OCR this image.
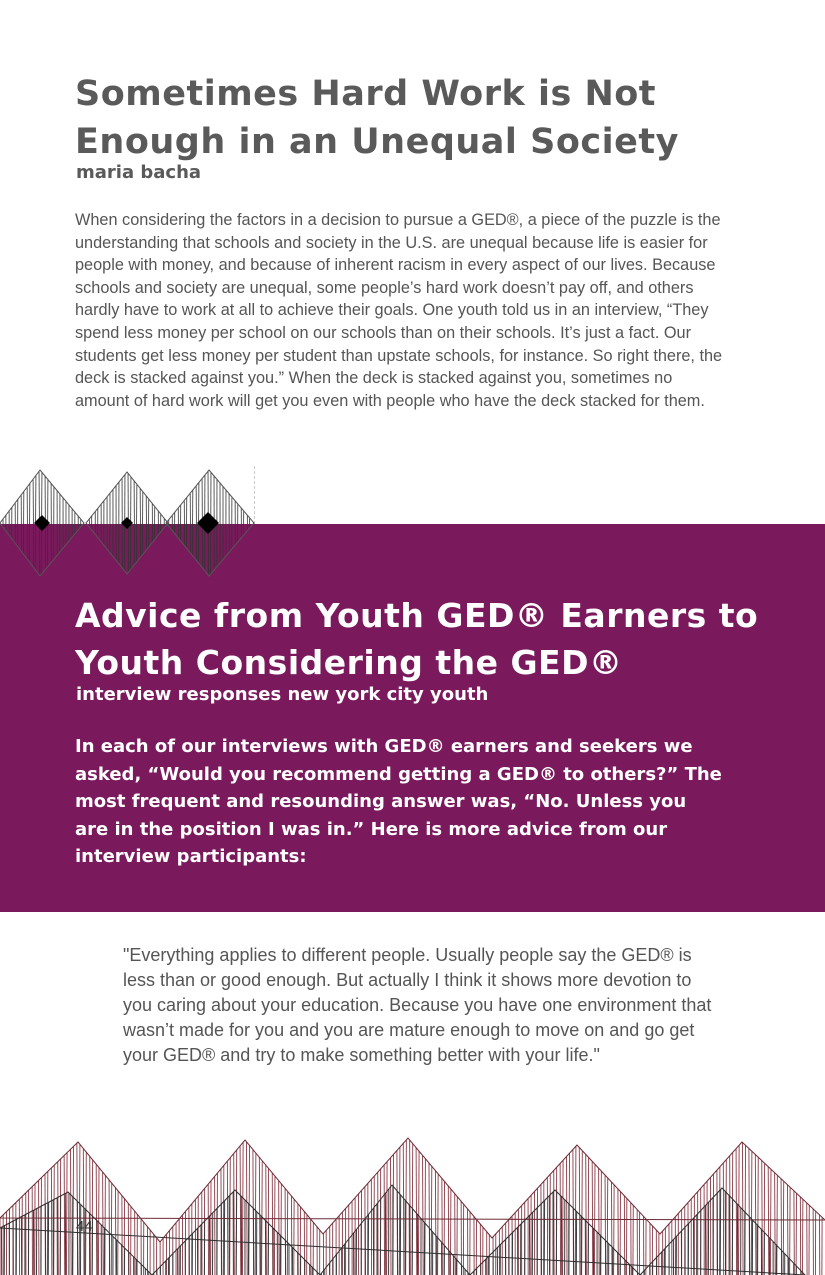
Sometimes Hard Work is Not
Enough in an Unequal Society
maria bacha
When considering the factors in a decision to pursue a GED®, a piece of the puzzle is the understanding that schools and society in the U.S. are unequal because life is easier for people with money, and because of inherent racism in every aspect of our lives. Because schools and society are unequal, some people’s hard work doesn’t pay off, and others hardly have to work at all to achieve their goals. One youth told us in an interview, “They spend less money per school on our schools than on their schools. It’s just a fact. Our students get less money per student than upstate schools, for instance. So right there, the deck is stacked against you.” When the deck is stacked against you, sometimes no amount of hard work will get you even with people who have the deck stacked for them.
Advice from Youth GED® Earners to
Youth Considering the GED®
interview responses new york city youth
In each of our interviews with GED® earners and seekers we asked, “Would you recommend getting a GED® to others?” The most frequent and resounding answer was, “No. Unless you are in the position I was in.” Here is more advice from our interview participants:
"Everything applies to different people. Usually people say the GED® is less than or good enough. But actually I think it shows more devotion to you caring about your education. Because you have one environment that wasn’t made for you and you are mature enough to move on and go get your GED® and try to make something better with your life."
44
